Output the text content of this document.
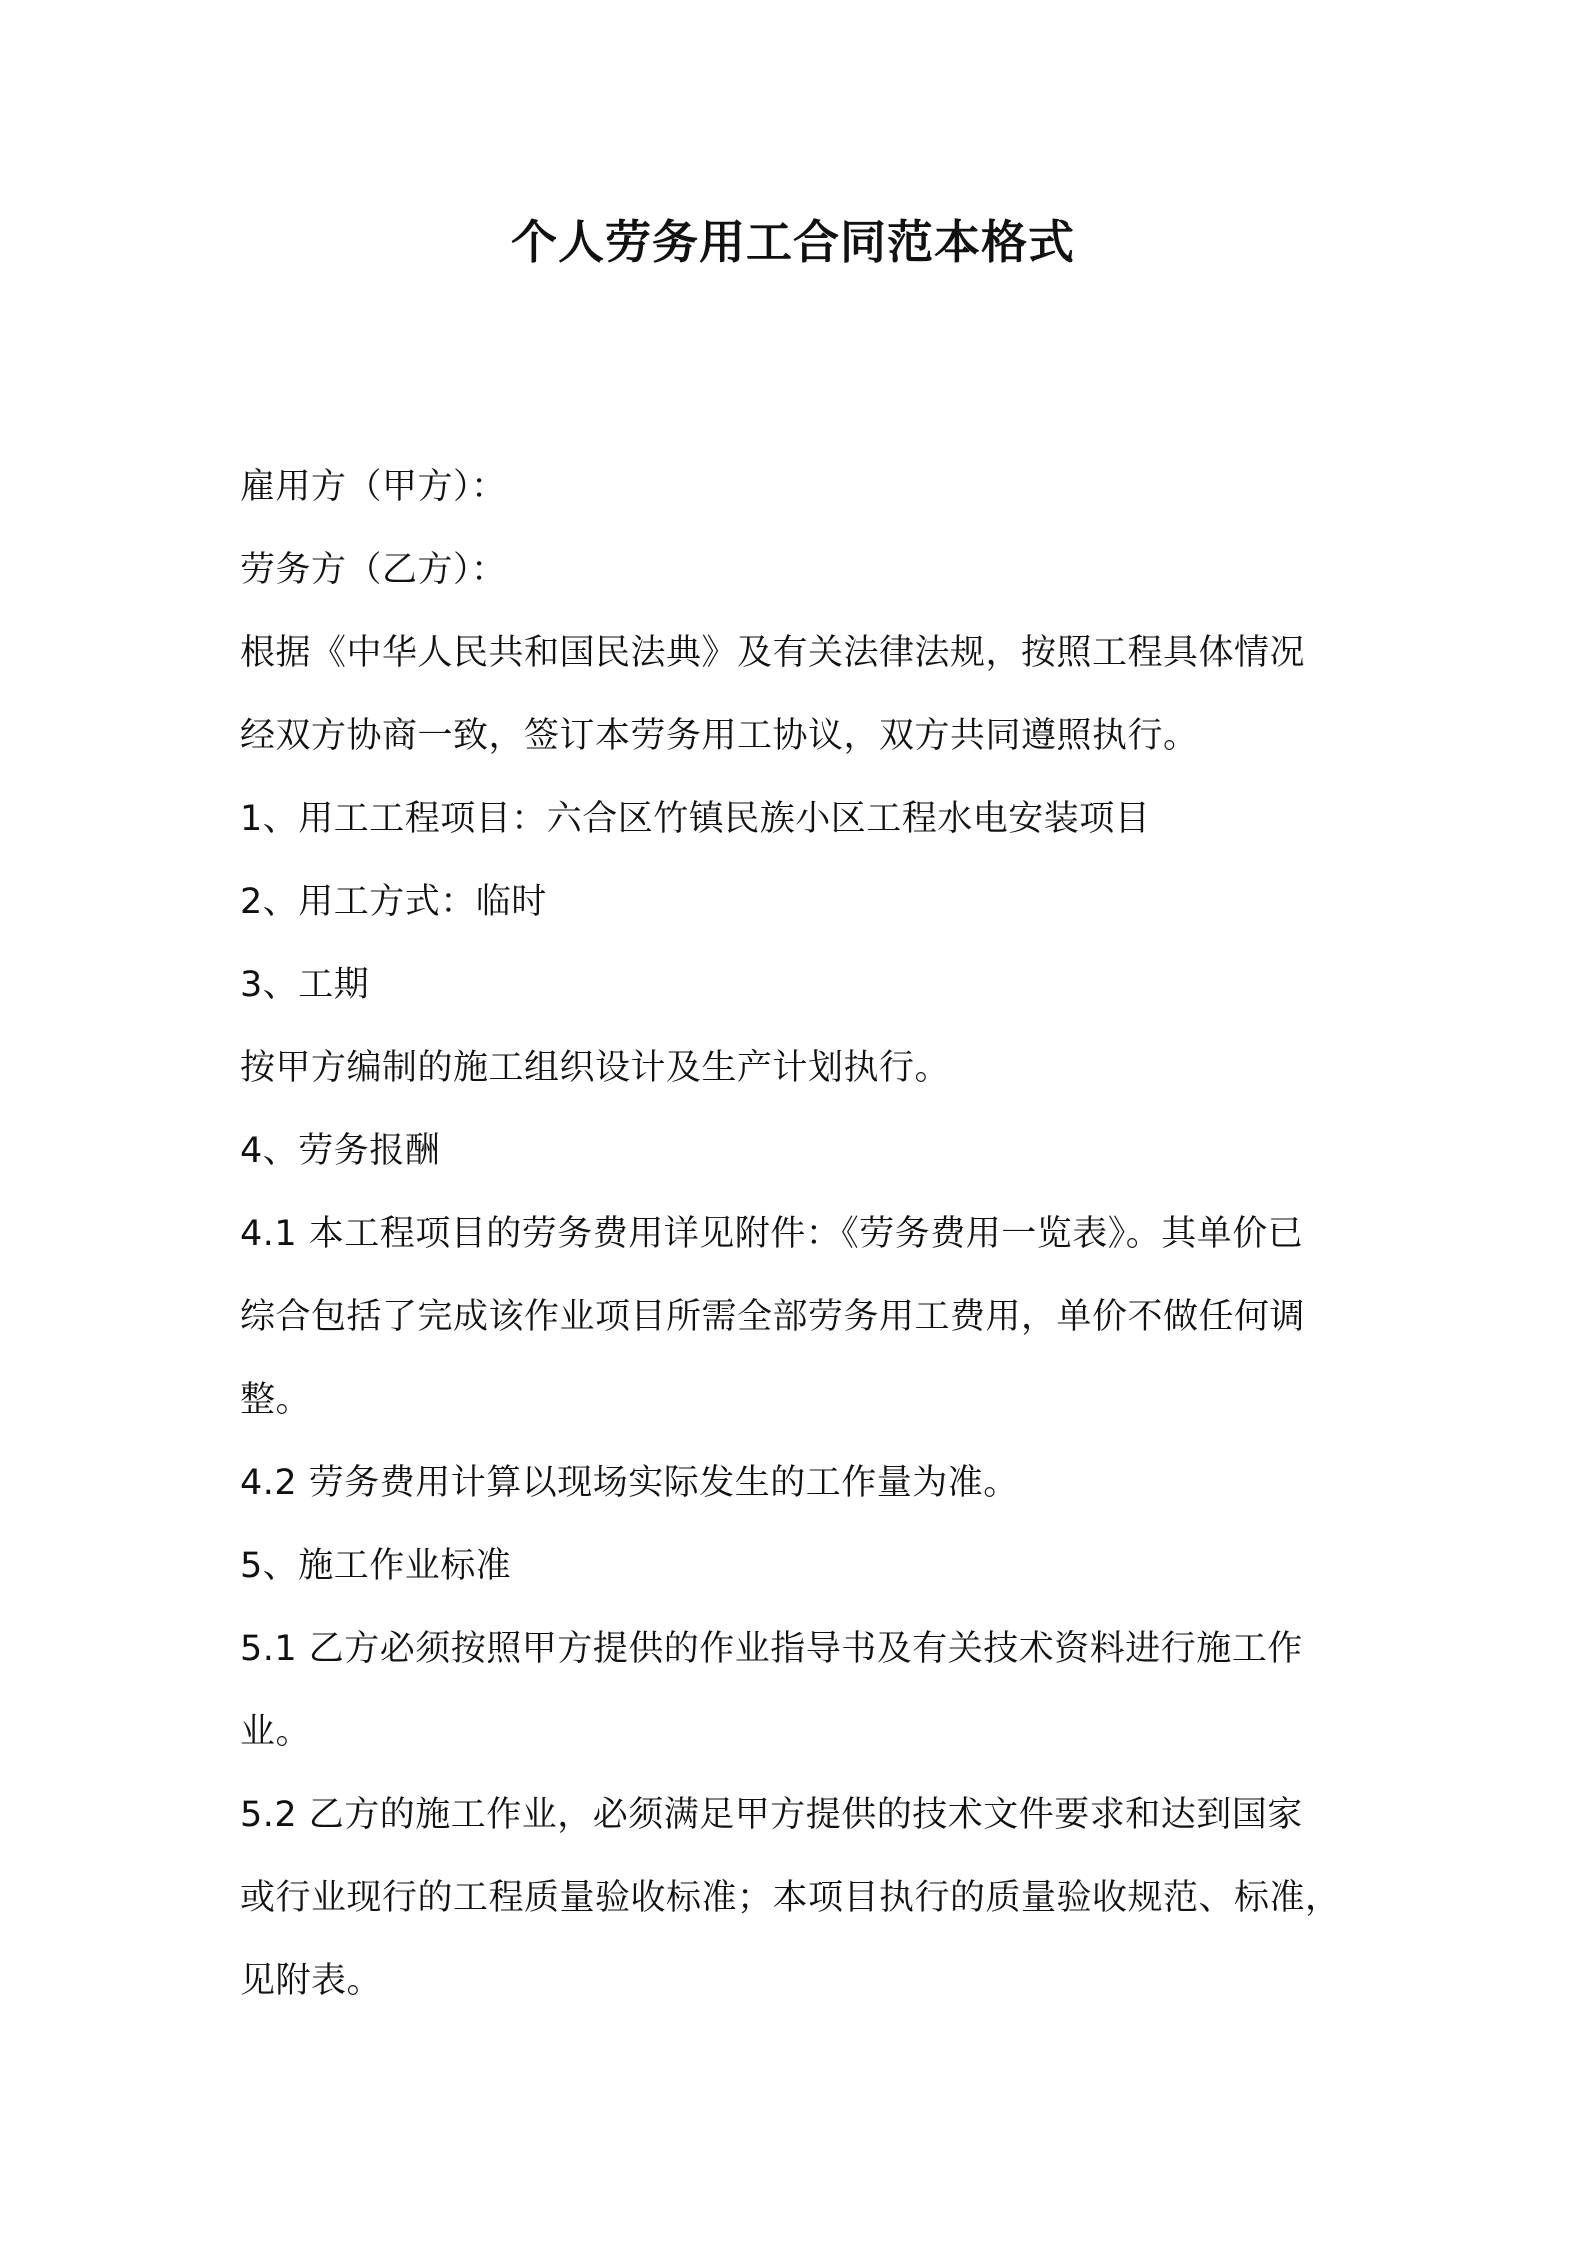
个人劳务用工合同范本格式

雇用方（甲方）：

劳务方（乙方）：

根据《中华人民共和国民法典》及有关法律法规，按照工程具体情况

经双方协商一致，签订本劳务用工协议，双方共同遵照执行。

1、用工工程项目：六合区竹镇民族小区工程水电安装项目

2、用工方式：临时

3、工期

按甲方编制的施工组织设计及生产计划执行。

4、劳务报酬

4.1 本工程项目的劳务费用详见附件：《劳务费用一览表》。其单价已

综合包括了完成该作业项目所需全部劳务用工费用，单价不做任何调

整。

4.2 劳务费用计算以现场实际发生的工作量为准。

5、施工作业标准

5.1 乙方必须按照甲方提供的作业指导书及有关技术资料进行施工作

业。

5.2 乙方的施工作业，必须满足甲方提供的技术文件要求和达到国家

或行业现行的工程质量验收标准；本项目执行的质量验收规范、标准，

见附表。
